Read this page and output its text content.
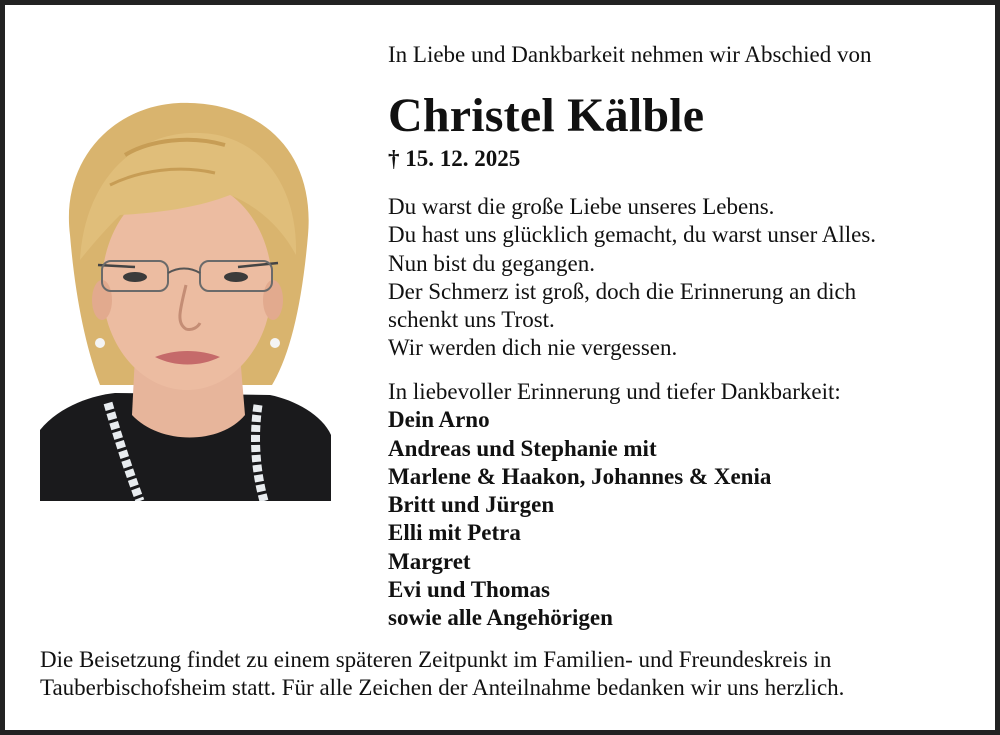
In Liebe und Dankbarkeit nehmen wir Abschied von
Christel Kälble
† 15. 12. 2025
Du warst die große Liebe unseres Lebens.
Du hast uns glücklich gemacht, du warst unser Alles.
Nun bist du gegangen.
Der Schmerz ist groß, doch die Erinnerung an dich
schenkt uns Trost.
Wir werden dich nie vergessen.
In liebevoller Erinnerung und tiefer Dankbarkeit:
Dein Arno
Andreas und Stephanie mit
Marlene & Haakon, Johannes & Xenia
Britt und Jürgen
Elli mit Petra
Margret
Evi und Thomas
sowie alle Angehörigen
Die Beisetzung findet zu einem späteren Zeitpunkt im Familien- und Freundeskreis in
Tauberbischofsheim statt. Für alle Zeichen der Anteilnahme bedanken wir uns herzlich.
